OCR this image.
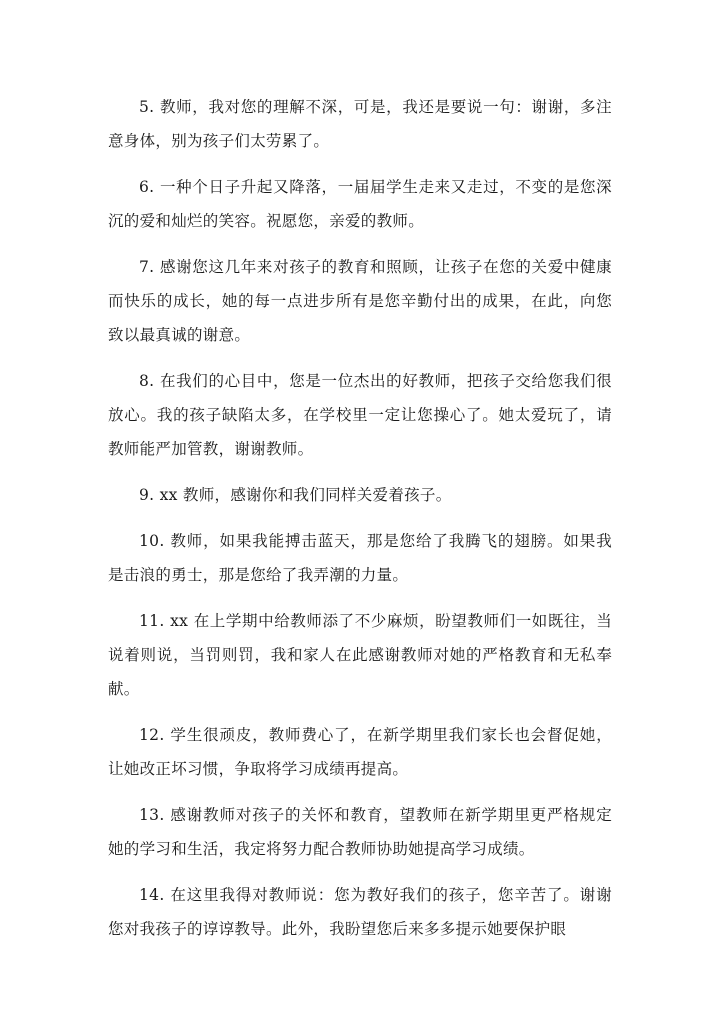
5. 教师，我对您的理解不深，可是，我还是要说一句：谢谢，多注意身体，别为孩子们太劳累了。

6. 一种个日子升起又降落，一届届学生走来又走过，不变的是您深沉的爱和灿烂的笑容。祝愿您，亲爱的教师。

7. 感谢您这几年来对孩子的教育和照顾，让孩子在您的关爱中健康而快乐的成长，她的每一点进步所有是您辛勤付出的成果，在此，向您致以最真诚的谢意。

8. 在我们的心目中，您是一位杰出的好教师，把孩子交给您我们很放心。我的孩子缺陷太多，在学校里一定让您操心了。她太爱玩了，请教师能严加管教，谢谢教师。

9. xx 教师，感谢你和我们同样关爱着孩子。

10. 教师，如果我能搏击蓝天，那是您给了我腾飞的翅膀。如果我是击浪的勇士，那是您给了我弄潮的力量。

11. xx 在上学期中给教师添了不少麻烦，盼望教师们一如既往，当说着则说，当罚则罚，我和家人在此感谢教师对她的严格教育和无私奉献。

12. 学生很顽皮，教师费心了，在新学期里我们家长也会督促她，让她改正坏习惯，争取将学习成绩再提高。

13. 感谢教师对孩子的关怀和教育，望教师在新学期里更严格规定她的学习和生活，我定将努力配合教师协助她提高学习成绩。

14. 在这里我得对教师说：您为教好我们的孩子，您辛苦了。谢谢您对我孩子的谆谆教导。此外，我盼望您后来多多提示她要保护眼
